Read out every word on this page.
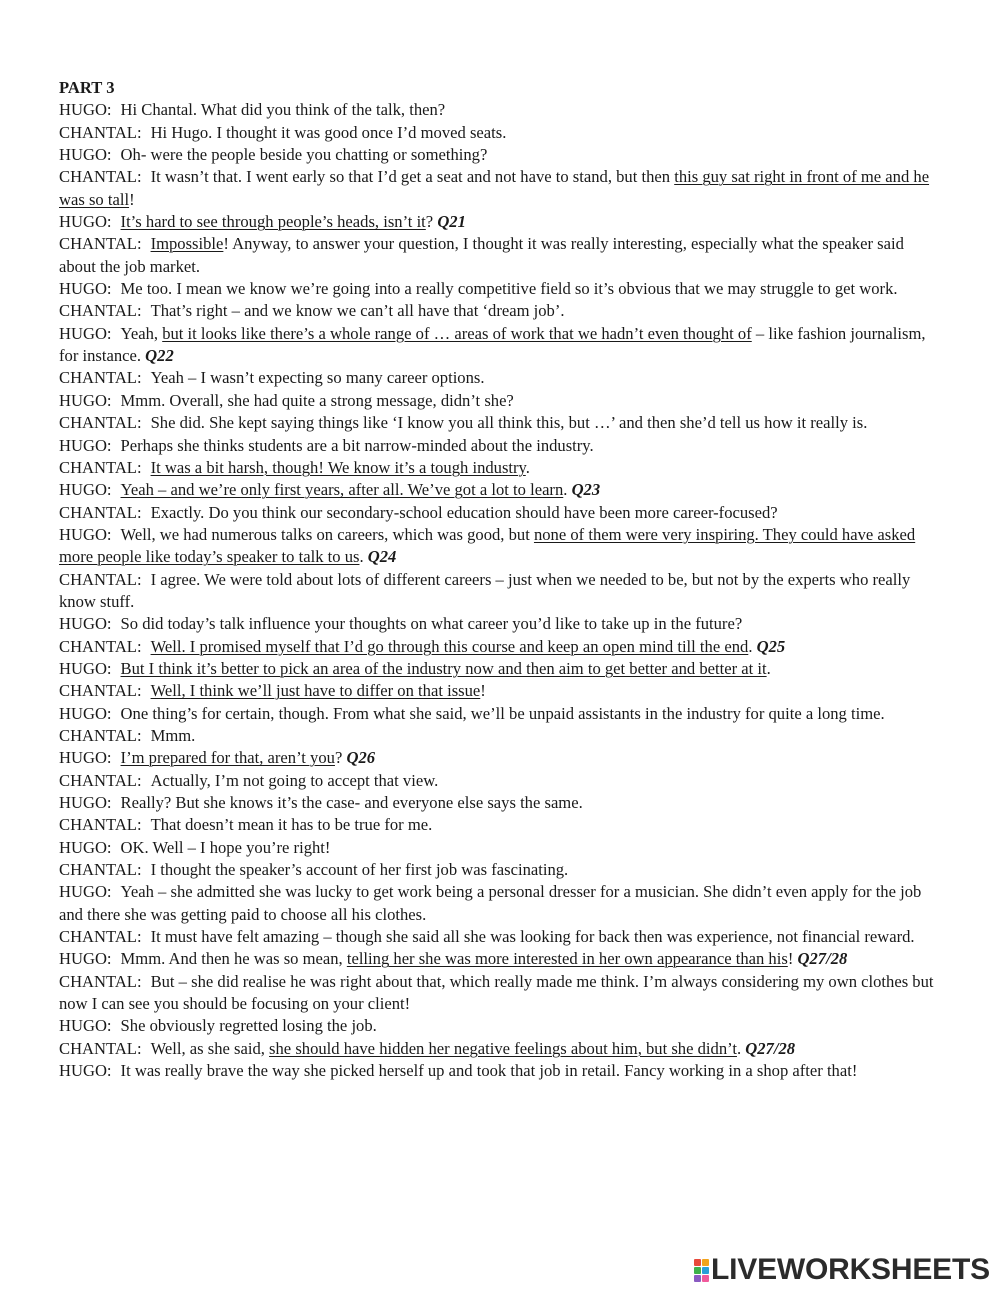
PART 3

HUGO: Hi Chantal. What did you think of the talk, then?

CHANTAL: Hi Hugo. I thought it was good once I’d moved seats.

HUGO: Oh- were the people beside you chatting or something?

CHANTAL: It wasn’t that. I went early so that I’d get a seat and not have to stand, but then this guy sat right in front of me and he was so tall!

HUGO: It’s hard to see through people’s heads, isn’t it? Q21

CHANTAL: Impossible! Anyway, to answer your question, I thought it was really interesting, especially what the speaker said about the job market.

HUGO: Me too. I mean we know we’re going into a really competitive field so it’s obvious that we may struggle to get work.

CHANTAL: That’s right – and we know we can’t all have that ‘dream job’.

HUGO: Yeah, but it looks like there’s a whole range of … areas of work that we hadn’t even thought of – like fashion journalism, for instance. Q22

CHANTAL: Yeah – I wasn’t expecting so many career options.

HUGO: Mmm. Overall, she had quite a strong message, didn’t she?

CHANTAL: She did. She kept saying things like ‘I know you all think this, but …’ and then she’d tell us how it really is.

HUGO: Perhaps she thinks students are a bit narrow-minded about the industry.

CHANTAL: It was a bit harsh, though! We know it’s a tough industry.

HUGO: Yeah – and we’re only first years, after all. We’ve got a lot to learn. Q23

CHANTAL: Exactly. Do you think our secondary-school education should have been more career-focused?

HUGO: Well, we had numerous talks on careers, which was good, but none of them were very inspiring. They could have asked more people like today’s speaker to talk to us. Q24

CHANTAL: I agree. We were told about lots of different careers – just when we needed to be, but not by the experts who really know stuff.

HUGO: So did today’s talk influence your thoughts on what career you’d like to take up in the future?

CHANTAL: Well. I promised myself that I’d go through this course and keep an open mind till the end. Q25

HUGO: But I think it’s better to pick an area of the industry now and then aim to get better and better at it.

CHANTAL: Well, I think we’ll just have to differ on that issue!

HUGO: One thing’s for certain, though. From what she said, we’ll be unpaid assistants in the industry for quite a long time.

CHANTAL: Mmm.

HUGO: I’m prepared for that, aren’t you? Q26

CHANTAL: Actually, I’m not going to accept that view.

HUGO: Really? But she knows it’s the case- and everyone else says the same.

CHANTAL: That doesn’t mean it has to be true for me.

HUGO: OK. Well – I hope you’re right!

CHANTAL: I thought the speaker’s account of her first job was fascinating.

HUGO: Yeah – she admitted she was lucky to get work being a personal dresser for a musician. She didn’t even apply for the job and there she was getting paid to choose all his clothes.

CHANTAL: It must have felt amazing – though she said all she was looking for back then was experience, not financial reward.

HUGO: Mmm. And then he was so mean, telling her she was more interested in her own appearance than his! Q27/28

CHANTAL: But – she did realise he was right about that, which really made me think. I’m always considering my own clothes but now I can see you should be focusing on your client!

HUGO: She obviously regretted losing the job.

CHANTAL: Well, as she said, she should have hidden her negative feelings about him, but she didn’t. Q27/28

HUGO: It was really brave the way she picked herself up and took that job in retail. Fancy working in a shop after that!

LIVEWORKSHEETS
